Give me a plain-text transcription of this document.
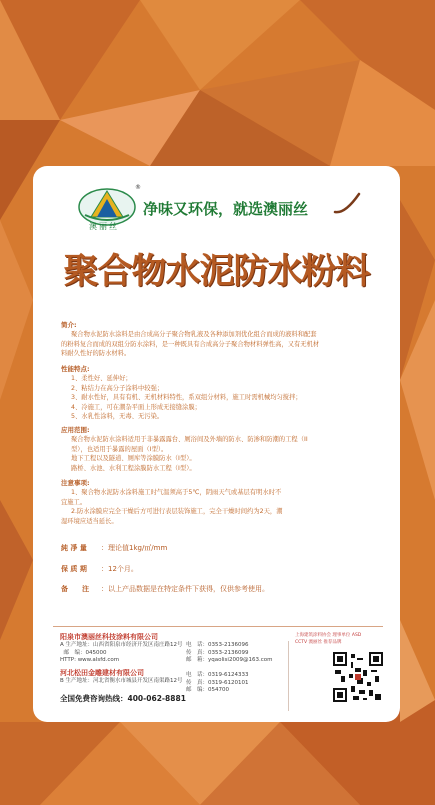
®
澳丽丝
净味又环保，就选澳丽丝
聚合物水泥防水粉料
简介:
聚合物水泥防水涂料是由合成高分子聚合物乳液及各种添加剂优化组合而成的液料和配套
的粉料复合而成的双组分防水涂料，是一种既具有合成高分子聚合物材料弹性高，又有无机材
料耐久性好的防水材料。
性能特点:
1、柔性好、延伸好；
2、粘结力在高分子涂料中较强；
3、耐水性好，具有有机、无机材料特性，系双组分材料，施工时需机械均匀搅拌；
4、冷施工，可在潮杂平面上形成无接缝涂膜；
5、水乳性涂料，无毒、无污染。
应用范围:
聚合物水泥防水涂料适用于非暴露露台、厕浴间及外墙的防水、防渗和防潮的工程（II
型），也适用于暴露的屋面（I型）。
地下工程以及隧道、厕库等涂膜防水（I型）。
路桥、水池、水利工程涂膜防水工程（I型）。
注意事项:
1、聚合物水泥防水涂料施工时气温须高于5℃，阴雨天气或基层有明水时不
宜施工。
2.防水涂膜应完全干燥后方可进行表层装饰施工，完全干燥时间约为2天，潮
湿环境应适当延长。
純 凈 量 ：理论值1kg/㎡/mm
保 质 期 ：12个月。
备　　注 ：以上产品数据是在特定条件下获得，仅供参考使用。
阳泉市澳丽丝科技涂料有限公司
A 生产地址：山西省阳泉市经济开发区南庄路12号
邮　编：045000
HTTP: www.alsfd.com
电　话：0353-2136096
传　真：0353-2136099
邮　箱：yqaolisi2009@163.com
河北松田金雕建材有限公司
B 生产地址：河北省衡水市城县开发区南渠路12号
电　话：0319-6124333
传　真：0319-6120101
邮　编：054700
全国免费咨询热线：400-062-8881
上海建筑涂料协会 理事单位 ASD
CCTV 澳丽丝 推荐品牌
